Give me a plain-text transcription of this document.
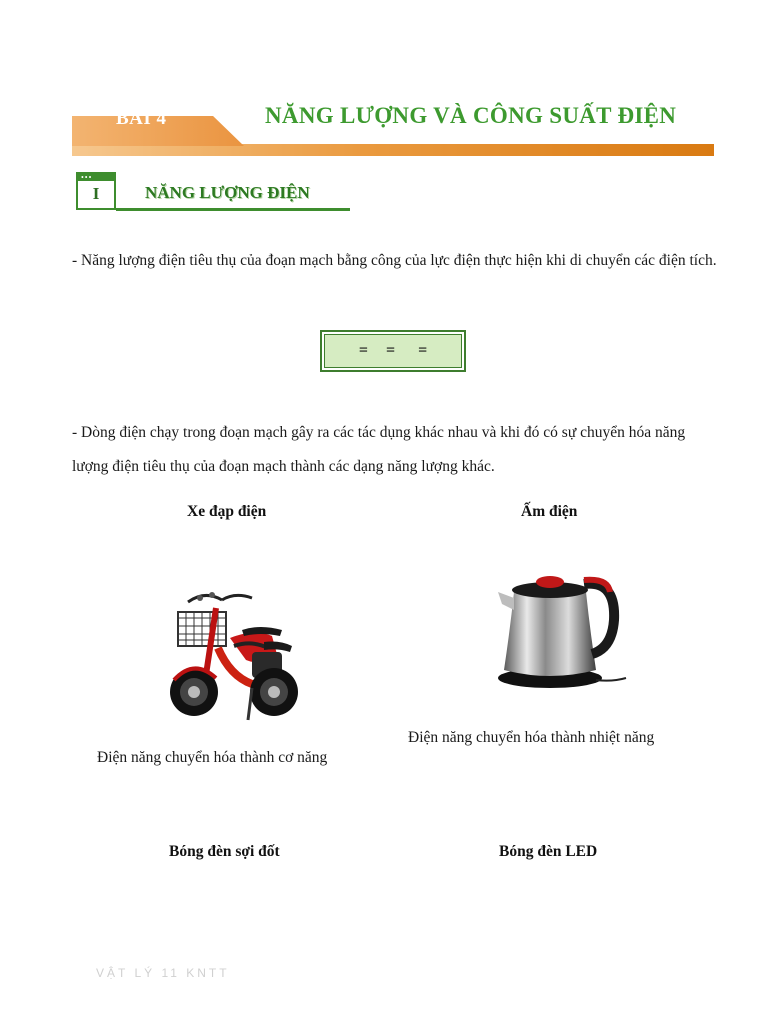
BÀI 4	NĂNG LƯỢNG VÀ CÔNG SUẤT ĐIỆN
•••
I	NĂNG LƯỢNG ĐIỆN
- Năng lượng điện tiêu thụ của đoạn mạch bằng công của lực điện thực hiện khi di chuyển các điện tích.
= = =
- Dòng điện chạy trong đoạn mạch gây ra các tác dụng khác nhau và khi đó có sự chuyển hóa năng lượng điện tiêu thụ của đoạn mạch thành các dạng năng lượng khác.
Xe đạp điện	Ấm điện
Điện năng chuyển hóa thành cơ năng
Điện năng chuyển hóa thành nhiệt năng
Bóng đèn sợi đốt	Bóng đèn LED
VẬT LÝ 11 KNTT
